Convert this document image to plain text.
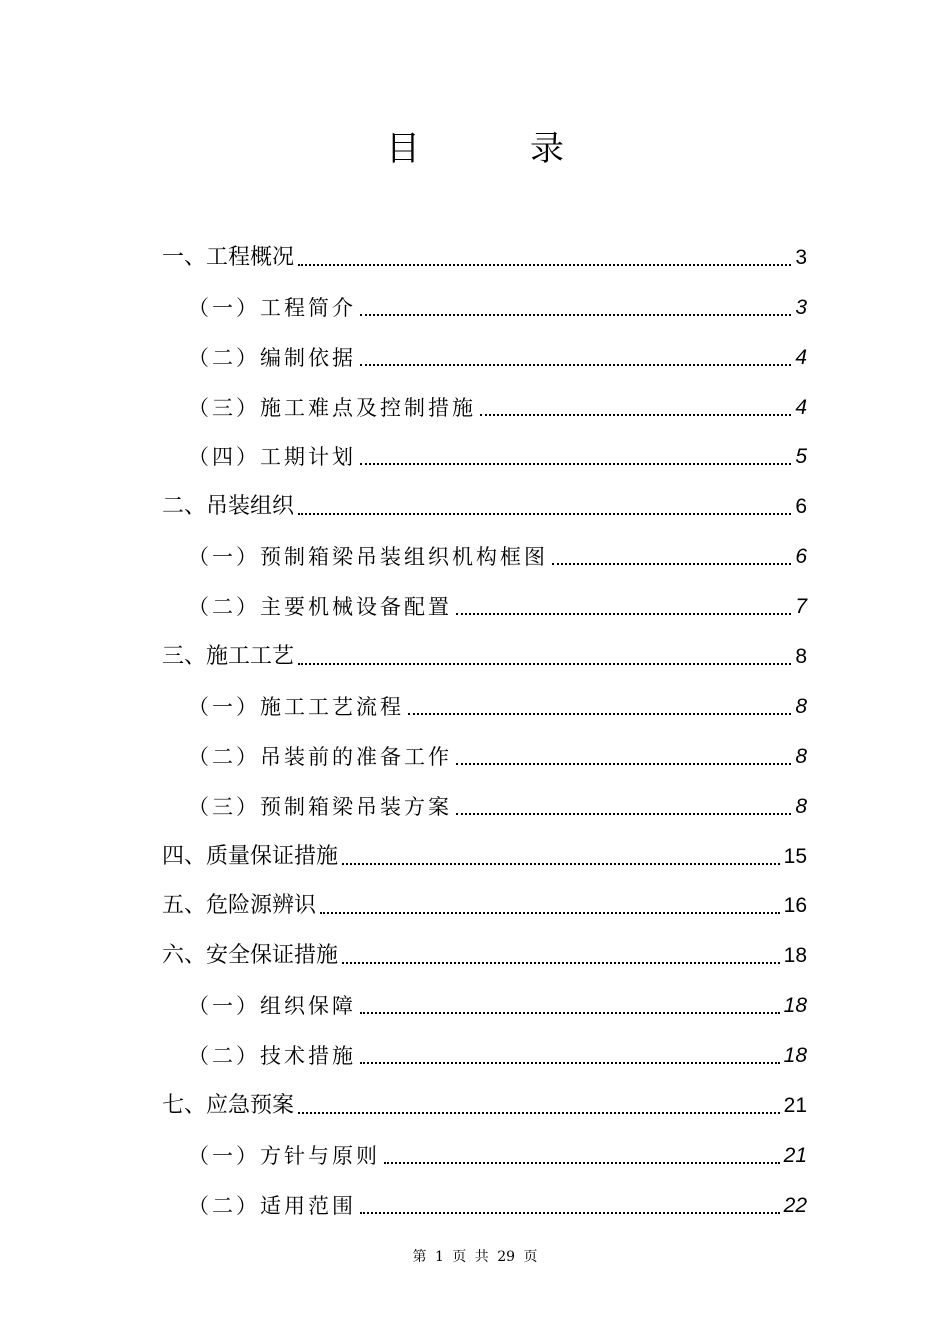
目	录
一、工程概况	3
（一）工程简介	3
（二）编制依据	4
（三）施工难点及控制措施	4
（四）工期计划	5
二、吊装组织	6
（一）预制箱梁吊装组织机构框图	6
（二）主要机械设备配置	7
三、施工工艺	8
（一）施工工艺流程	8
（二）吊装前的准备工作	8
（三）预制箱梁吊装方案	8
四、质量保证措施	15
五、危险源辨识	16
六、安全保证措施	18
（一）组织保障	18
（二）技术措施	18
七、应急预案	21
（一）方针与原则	21
（二）适用范围	22
第 1 页 共 29 页
